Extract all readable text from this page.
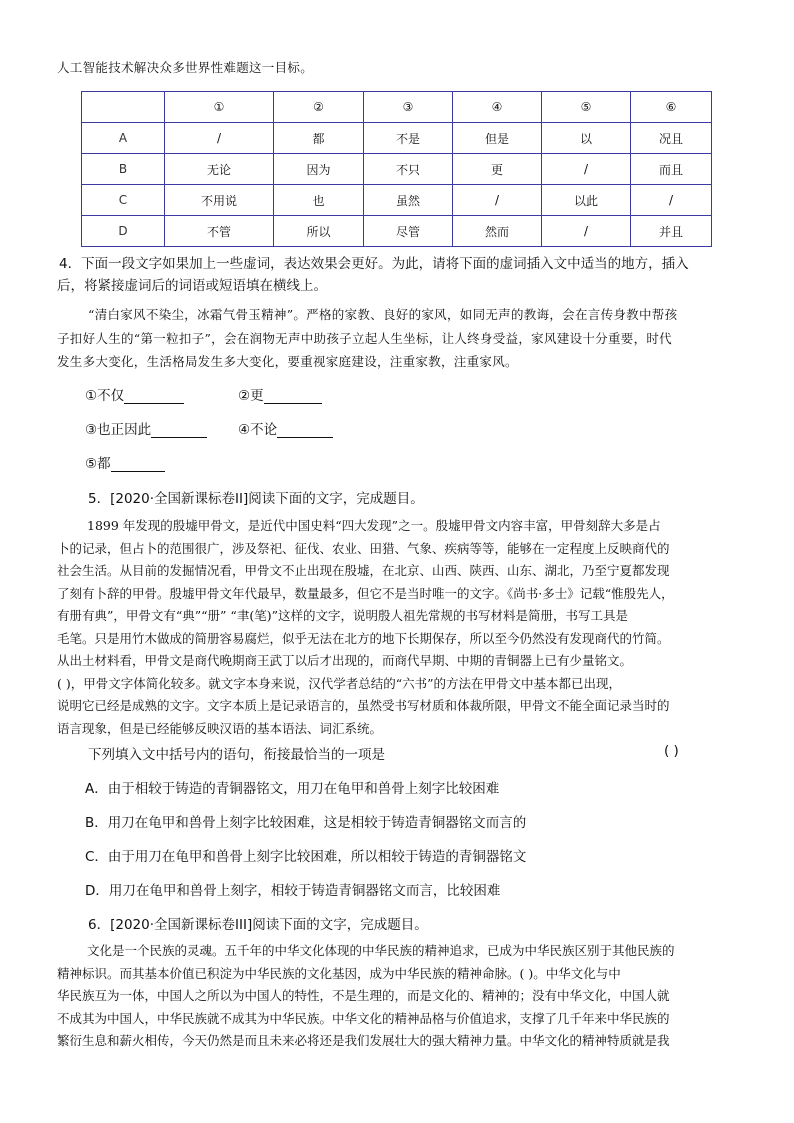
人工智能技术解决众多世界性难题这一目标。
	①	②	③	④	⑤	⑥
A	/	都	不是	但是	以	况且
B	无论	因为	不只	更	/	而且
C	不用说	也	虽然	/	以此	/
D	不管	所以	尽管	然而	/	并且
4．下面一段文字如果加上一些虚词，表达效果会更好。为此，请将下面的虚词插入文中适当的地方，插入
后，将紧接虚词后的词语或短语填在横线上。
“清白家风不染尘，冰霜气骨玉精神”。严格的家教、良好的家风，如同无声的教诲，会在言传身教中帮孩
子扣好人生的“第一粒扣子”，会在润物无声中助孩子立起人生坐标，让人终身受益，家风建设十分重要，时代
发生多大变化，生活格局发生多大变化，要重视家庭建设，注重家教，注重家风。
①不仅	②更
③也正因此	④不论
⑤都
5．[2020·全国新课标卷II]阅读下面的文字，完成题目。

1899 年发现的殷墟甲骨文，是近代中国史料“四大发现”之一。殷墟甲骨文内容丰富，甲骨刻辞大多是占

卜的记录，但占卜的范围很广，涉及祭祀、征伐、农业、田猎、气象、疾病等等，能够在一定程度上反映商代的

社会生活。从目前的发掘情况看，甲骨文不止出现在殷墟，在北京、山西、陕西、山东、湖北，乃至宁夏都发现

了刻有卜辞的甲骨。殷墟甲骨文年代最早，数量最多，但它不是当时唯一的文字。《尚书·多士》记载“惟殷先人，

有册有典”，甲骨文有“典”“册” “聿(笔)”这样的文字，说明殷人祖先常规的书写材料是简册，书写工具是

毛笔。只是用竹木做成的简册容易腐烂，似乎无法在北方的地下长期保存，所以至今仍然没有发现商代的竹简。

从出土材料看，甲骨文是商代晚期商王武丁以后才出现的，而商代早期、中期的青铜器上已有少量铭文。

( )，甲骨文字体简化较多。就文字本身来说，汉代学者总结的“六书”的方法在甲骨文中基本都已出现，

说明它已经是成熟的文字。文字本质上是记录语言的，虽然受书写材质和体裁所限，甲骨文不能全面记录当时的

语言现象，但是已经能够反映汉语的基本语法、词汇系统。

下列填入文中括号内的语句，衔接最恰当的一项是	( )
A．由于相较于铸造的青铜器铭文，用刀在龟甲和兽骨上刻字比较困难
B．用刀在龟甲和兽骨上刻字比较困难，这是相较于铸造青铜器铭文而言的
C．由于用刀在龟甲和兽骨上刻字比较困难，所以相较于铸造的青铜器铭文
D．用刀在龟甲和兽骨上刻字，相较于铸造青铜器铭文而言，比较困难
6．[2020·全国新课标卷III]阅读下面的文字，完成题目。

文化是一个民族的灵魂。五千年的中华文化体现的中华民族的精神追求，已成为中华民族区别于其他民族的

精神标识。而其基本价值已积淀为中华民族的文化基因，成为中华民族的精神命脉。( )。中华文化与中

华民族互为一体，中国人之所以为中国人的特性，不是生理的，而是文化的、精神的；没有中华文化，中国人就

不成其为中国人，中华民族就不成其为中华民族。中华文化的精神品格与价值追求，支撑了几千年来中华民族的

繁衍生息和薪火相传，今天仍然是而且未来必将还是我们发展壮大的强大精神力量。中华文化的精神特质就是我
